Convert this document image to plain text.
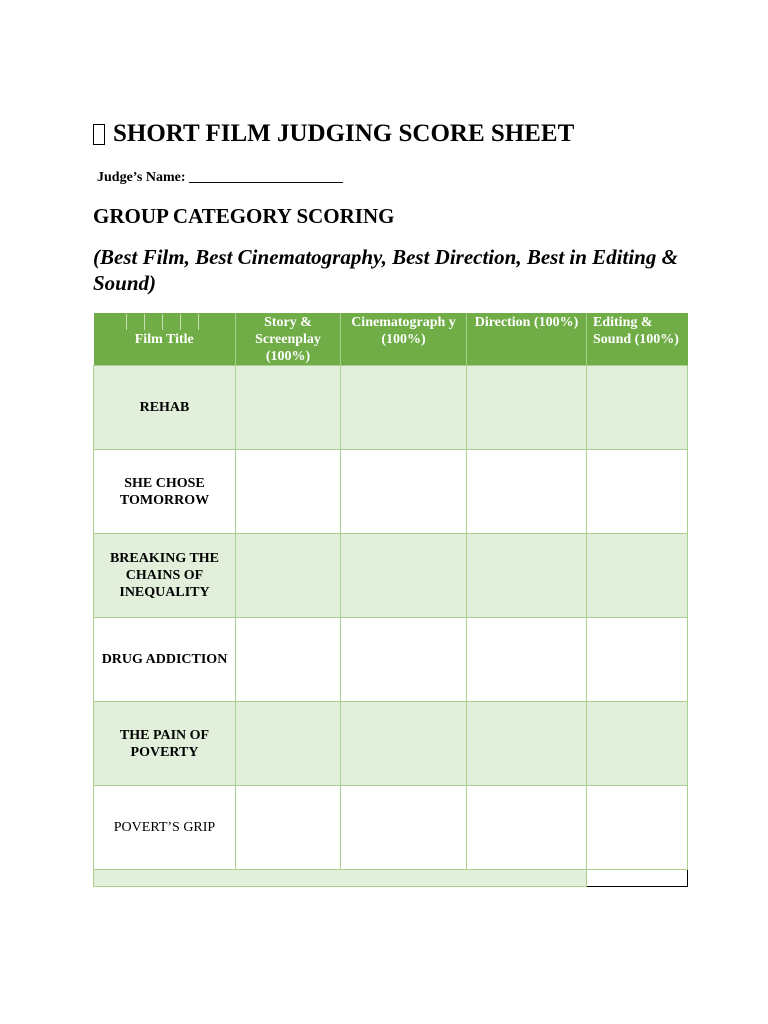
SHORT FILM JUDGING SCORE SHEET
Judge’s Name: ______________________
GROUP CATEGORY SCORING
(Best Film, Best Cinematography, Best Direction, Best in Editing & Sound)
Film Title	Story & Screenplay (100%)	Cinematograph y (100%)	Direction (100%)	Editing & Sound (100%)
REHAB				
SHE CHOSE TOMORROW				
BREAKING THE CHAINS OF INEQUALITY				
DRUG ADDICTION				
THE PAIN OF POVERTY				
POVERT’S GRIP				
